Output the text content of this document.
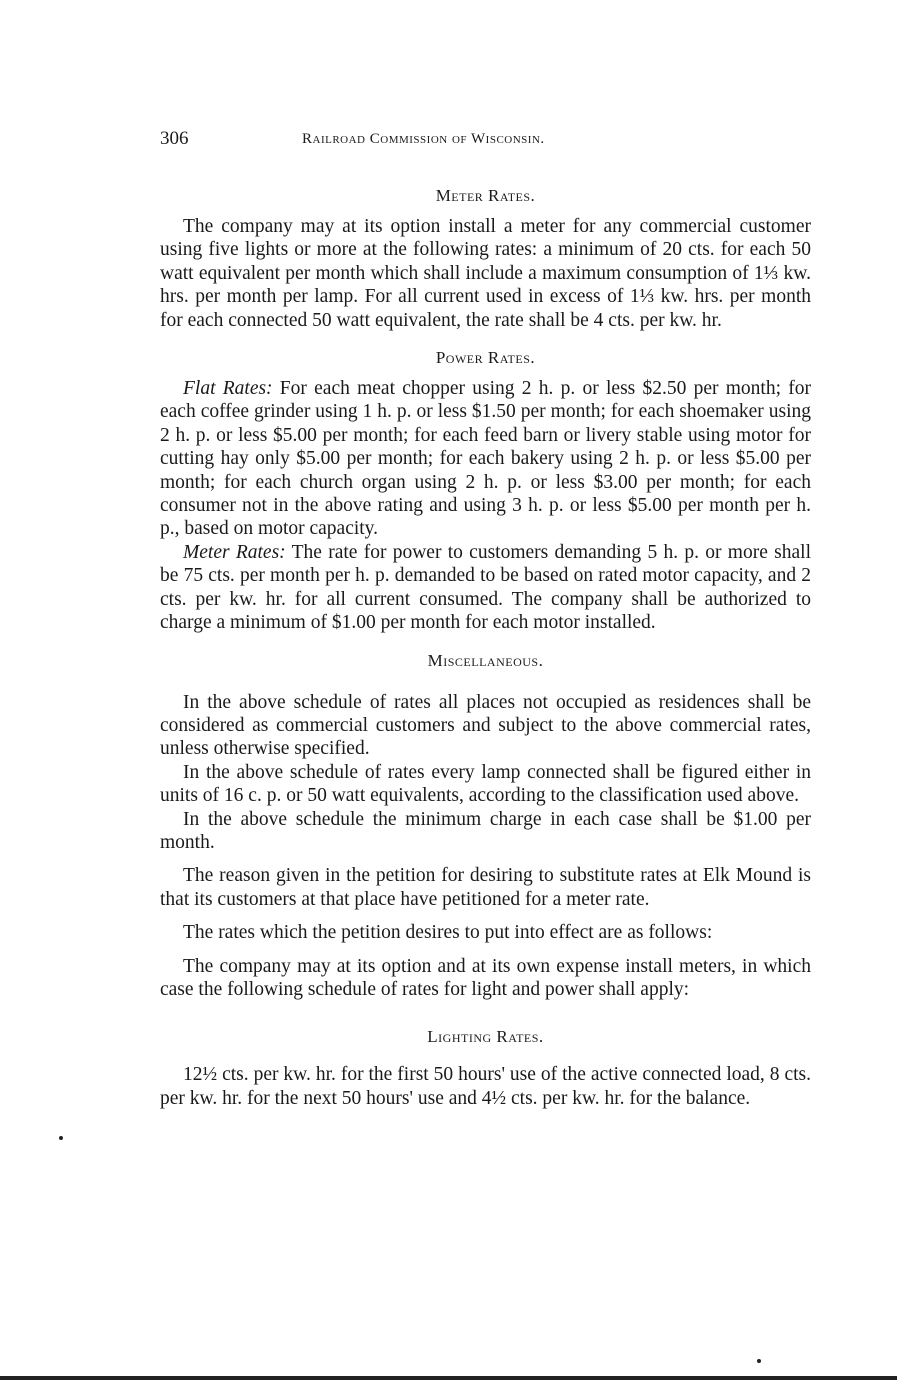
306	Railroad Commission of Wisconsin.
Meter Rates.

The company may at its option install a meter for any commercial customer using five lights or more at the following rates: a minimum of 20 cts. for each 50 watt equivalent per month which shall include a maximum consumption of 1⅓ kw. hrs. per month per lamp. For all current used in excess of 1⅓ kw. hrs. per month for each connected 50 watt equivalent, the rate shall be 4 cts. per kw. hr.

Power Rates.

Flat Rates: For each meat chopper using 2 h. p. or less $2.50 per month; for each coffee grinder using 1 h. p. or less $1.50 per month; for each shoemaker using 2 h. p. or less $5.00 per month; for each feed barn or livery stable using motor for cutting hay only $5.00 per month; for each bakery using 2 h. p. or less $5.00 per month; for each church organ using 2 h. p. or less $3.00 per month; for each consumer not in the above rating and using 3 h. p. or less $5.00 per month per h. p., based on motor capacity.

Meter Rates: The rate for power to customers demanding 5 h. p. or more shall be 75 cts. per month per h. p. demanded to be based on rated motor capacity, and 2 cts. per kw. hr. for all current consumed. The company shall be authorized to charge a minimum of $1.00 per month for each motor installed.

Miscellaneous.

In the above schedule of rates all places not occupied as residences shall be considered as commercial customers and subject to the above commercial rates, unless otherwise specified.

In the above schedule of rates every lamp connected shall be figured either in units of 16 c. p. or 50 watt equivalents, according to the classification used above.

In the above schedule the minimum charge in each case shall be $1.00 per month.

The reason given in the petition for desiring to substitute rates at Elk Mound is that its customers at that place have petitioned for a meter rate.

The rates which the petition desires to put into effect are as follows:

The company may at its option and at its own expense install meters, in which case the following schedule of rates for light and power shall apply:

Lighting Rates.

12½ cts. per kw. hr. for the first 50 hours' use of the active connected load, 8 cts. per kw. hr. for the next 50 hours' use and 4½ cts. per kw. hr. for the balance.
